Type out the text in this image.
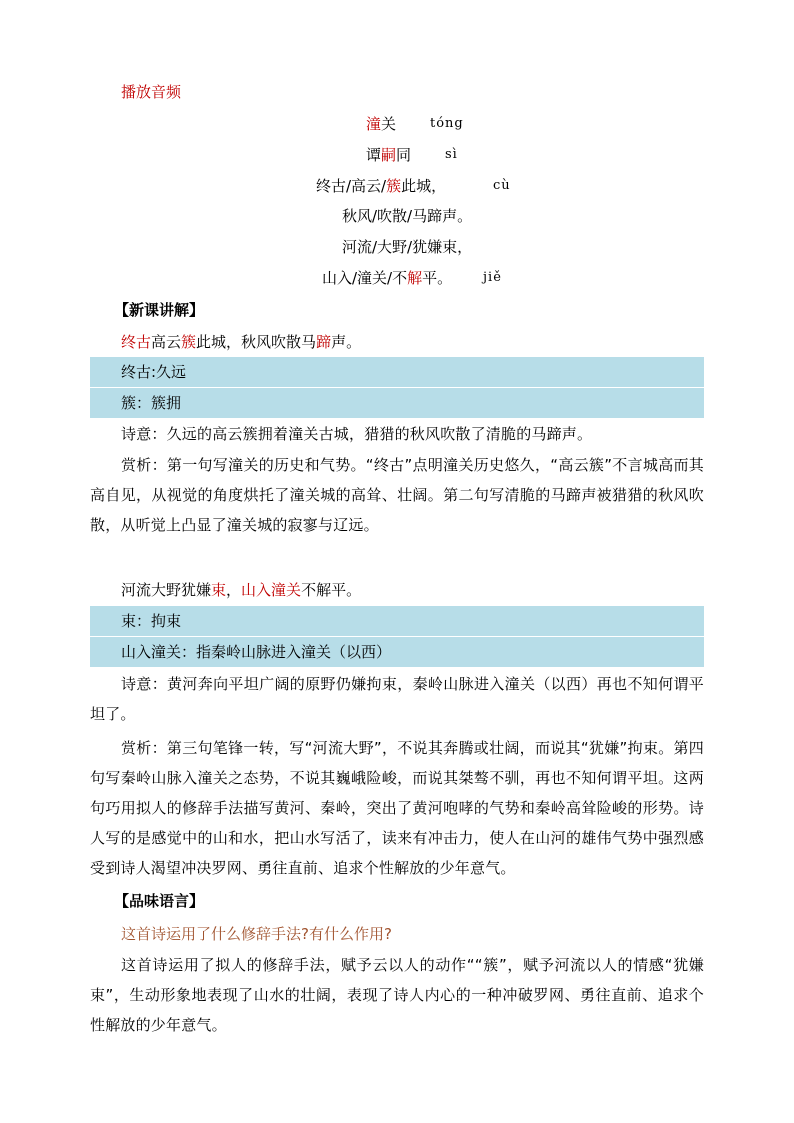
播放音频
潼关	tóng
谭嗣同	sì
终古/高云/簇此城，	cù
秋风/吹散/马蹄声。
河流/大野/犹嫌束，
山入/潼关/不解平。 jiě
【新课讲解】
终古高云簇此城，秋风吹散马蹄声。
终古:久远
簇：簇拥
诗意：久远的高云簇拥着潼关古城，猎猎的秋风吹散了清脆的马蹄声。
赏析：第一句写潼关的历史和气势。“终古”点明潼关历史悠久，“高云簇”不言城高而其高自见，从视觉的角度烘托了潼关城的高耸、壮阔。第二句写清脆的马蹄声被猎猎的秋风吹散，从听觉上凸显了潼关城的寂寥与辽远。
河流大野犹嫌束，山入潼关不解平。
束：拘束
山入潼关：指秦岭山脉进入潼关（以西）
诗意：黄河奔向平坦广阔的原野仍嫌拘束，秦岭山脉进入潼关（以西）再也不知何谓平坦了。
赏析：第三句笔锋一转，写“河流大野”，不说其奔腾或壮阔，而说其“犹嫌”拘束。第四句写秦岭山脉入潼关之态势，不说其巍峨险峻，而说其桀骜不驯，再也不知何谓平坦。这两句巧用拟人的修辞手法描写黄河、秦岭，突出了黄河咆哮的气势和秦岭高耸险峻的形势。诗人写的是感觉中的山和水，把山水写活了，读来有冲击力，使人在山河的雄伟气势中强烈感受到诗人渴望冲决罗网、勇往直前、追求个性解放的少年意气。
【品味语言】
这首诗运用了什么修辞手法?有什么作用?
这首诗运用了拟人的修辞手法，赋予云以人的动作““簇”，赋予河流以人的情感“犹嫌束”，生动形象地表现了山水的壮阔，表现了诗人内心的一种冲破罗网、勇往直前、追求个性解放的少年意气。
